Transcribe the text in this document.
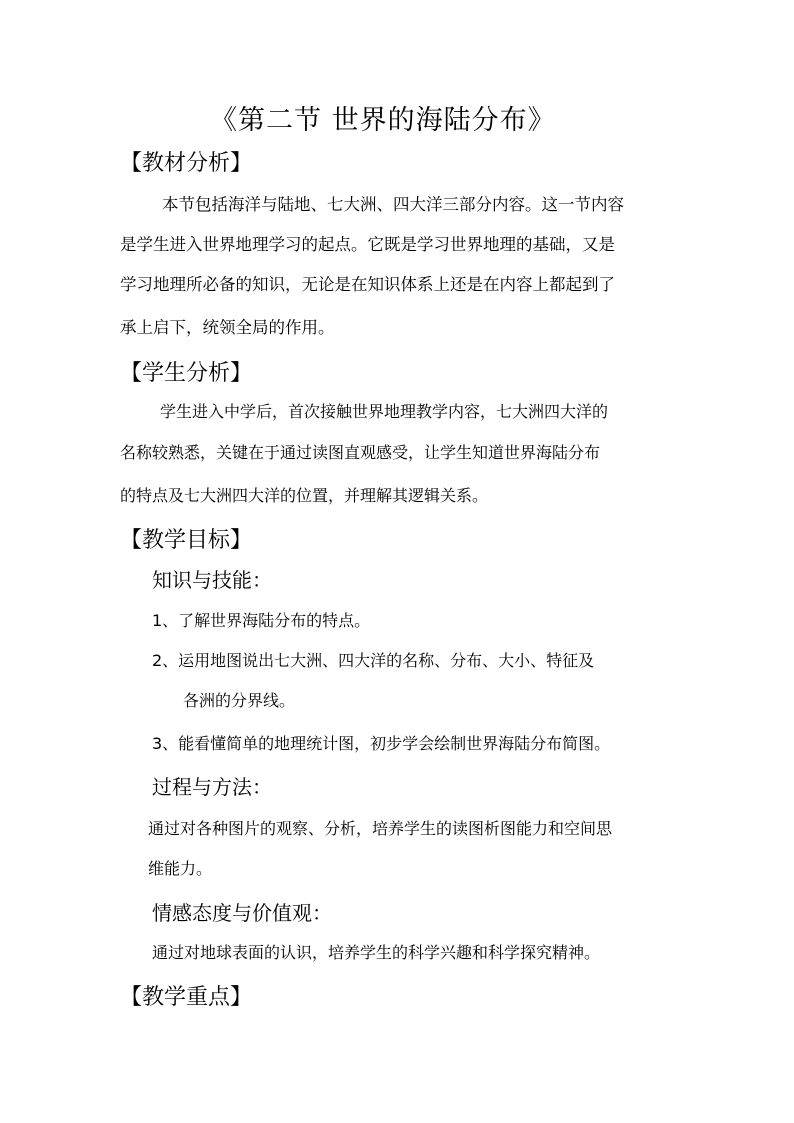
《第二节 世界的海陆分布》
【教材分析】
本节包括海洋与陆地、七大洲、四大洋三部分内容。这一节内容
是学生进入世界地理学习的起点。它既是学习世界地理的基础，又是
学习地理所必备的知识，无论是在知识体系上还是在内容上都起到了
承上启下，统领全局的作用。
【学生分析】
学生进入中学后，首次接触世界地理教学内容，七大洲四大洋的
名称较熟悉，关键在于通过读图直观感受，让学生知道世界海陆分布
的特点及七大洲四大洋的位置，并理解其逻辑关系。
【教学目标】
知识与技能：
1、了解世界海陆分布的特点。
2、运用地图说出七大洲、四大洋的名称、分布、大小、特征及
各洲的分界线。
3、能看懂简单的地理统计图，初步学会绘制世界海陆分布简图。
过程与方法：
通过对各种图片的观察、分析，培养学生的读图析图能力和空间思
维能力。
情感态度与价值观：
通过对地球表面的认识，培养学生的科学兴趣和科学探究精神。
【教学重点】
